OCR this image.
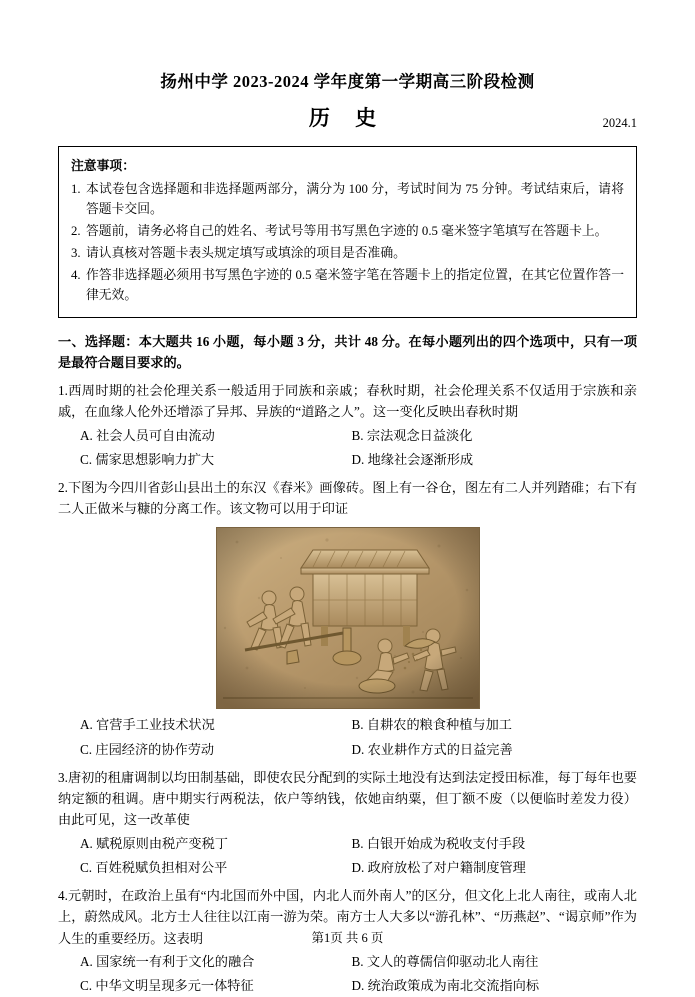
扬州中学 2023-2024 学年度第一学期高三阶段检测
历 史	2024.1
注意事项：
1. 本试卷包含选择题和非选择题两部分，满分为 100 分，考试时间为 75 分钟。考试结束后，请将答题卡交回。
2. 答题前，请务必将自己的姓名、考试号等用书写黑色字迹的 0.5 毫米签字笔填写在答题卡上。
3. 请认真核对答题卡表头规定填写或填涂的项目是否准确。
4. 作答非选择题必须用书写黑色字迹的 0.5 毫米签字笔在答题卡上的指定位置，在其它位置作答一律无效。
一、选择题：本大题共 16 小题，每小题 3 分，共计 48 分。在每小题列出的四个选项中，只有一项是最符合题目要求的。
1.西周时期的社会伦理关系一般适用于同族和亲戚；春秋时期，社会伦理关系不仅适用于宗族和亲戚，在血缘人伦外还增添了异邦、异族的“道路之人”。这一变化反映出春秋时期
A. 社会人员可自由流动	B. 宗法观念日益淡化
C. 儒家思想影响力扩大	D. 地缘社会逐渐形成
2.下图为今四川省彭山县出土的东汉《舂米》画像砖。图上有一谷仓，图左有二人并列踏碓；右下有二人正做米与糠的分离工作。该文物可以用于印证
A. 官营手工业技术状况	B. 自耕农的粮食种植与加工
C. 庄园经济的协作劳动	D. 农业耕作方式的日益完善
3.唐初的租庸调制以均田制基础，即使农民分配到的实际土地没有达到法定授田标准，每丁每年也要纳定额的租调。唐中期实行两税法，依户等纳钱，依她亩纳粟，但丁额不废（以便临时差发力役）由此可见，这一改革使
A. 赋税原则由税产变税丁	B. 白银开始成为税收支付手段
C. 百姓税赋负担相对公平	D. 政府放松了对户籍制度管理
4.元朝时，在政治上虽有“内北国而外中国，内北人而外南人”的区分，但文化上北人南往，或南人北上，蔚然成风。北方士人往往以江南一游为荣。南方士人大多以“游孔林”、“历燕赵”、“谒京师”作为人生的重要经历。这表明
A. 国家统一有利于文化的融合	B. 文人的尊儒信仰驱动北人南往
C. 中华文明呈现多元一体特征	D. 统治政策成为南北交流指向标
第1页 共 6 页
